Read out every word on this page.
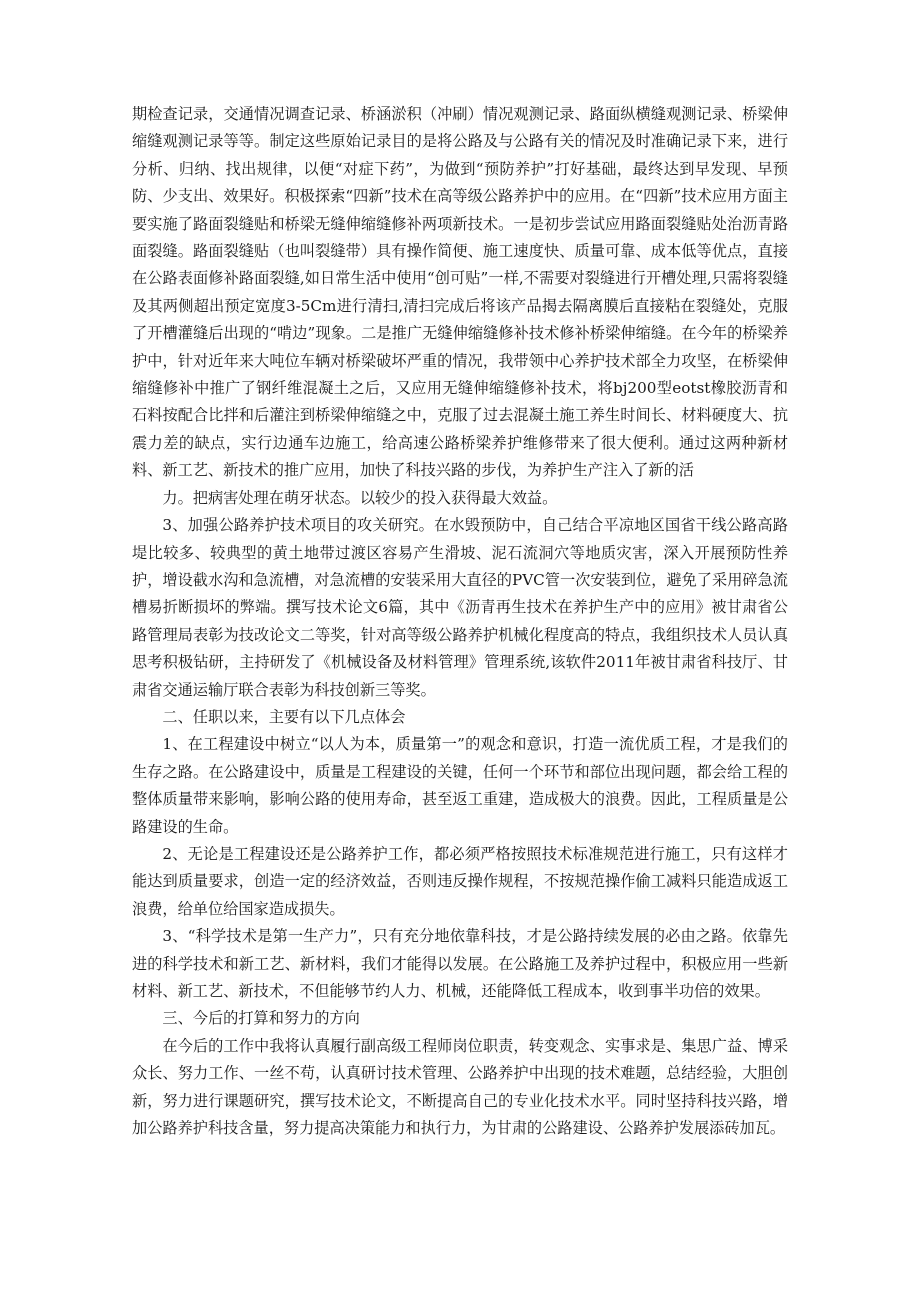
期检查记录，交通情况调查记录、桥涵淤积（冲刷）情况观测记录、路面纵横缝观测记录、桥梁伸缩缝观测记录等等。制定这些原始记录目的是将公路及与公路有关的情况及时准确记录下来，进行分析、归纳、找出规律，以便“对症下药”，为做到“预防养护”打好基础，最终达到早发现、早预防、少支出、效果好。积极探索“四新”技术在高等级公路养护中的应用。在“四新”技术应用方面主要实施了路面裂缝贴和桥梁无缝伸缩缝修补两项新技术。一是初步尝试应用路面裂缝贴处治沥青路面裂缝。路面裂缝贴（也叫裂缝带）具有操作简便、施工速度快、质量可靠、成本低等优点，直接在公路表面修补路面裂缝,如日常生活中使用“创可贴”一样,不需要对裂缝进行开槽处理,只需将裂缝及其两侧超出预定宽度3-5Cm进行清扫,清扫完成后将该产品揭去隔离膜后直接粘在裂缝处，克服了开槽灌缝后出现的“啃边”现象。二是推广无缝伸缩缝修补技术修补桥梁伸缩缝。在今年的桥梁养护中，针对近年来大吨位车辆对桥梁破坏严重的情况，我带领中心养护技术部全力攻坚，在桥梁伸缩缝修补中推广了钢纤维混凝土之后，又应用无缝伸缩缝修补技术，将bj200型eotst橡胶沥青和石料按配合比拌和后灌注到桥梁伸缩缝之中，克服了过去混凝土施工养生时间长、材料硬度大、抗震力差的缺点，实行边通车边施工，给高速公路桥梁养护维修带来了很大便利。通过这两种新材料、新工艺、新技术的推广应用，加快了科技兴路的步伐，为养护生产注入了新的活

力。把病害处理在萌牙状态。以较少的投入获得最大效益。

3、加强公路养护技术项目的攻关研究。在水毁预防中，自己结合平凉地区国省干线公路高路堤比较多、较典型的黄土地带过渡区容易产生滑坡、泥石流洞穴等地质灾害，深入开展预防性养护，增设截水沟和急流槽，对急流槽的安装采用大直径的PVC管一次安装到位，避免了采用碎急流槽易折断损坏的弊端。撰写技术论文6篇，其中《沥青再生技术在养护生产中的应用》被甘肃省公路管理局表彰为技改论文二等奖，针对高等级公路养护机械化程度高的特点，我组织技术人员认真思考积极钻研，主持研发了《机械设备及材料管理》管理系统,该软件2011年被甘肃省科技厅、甘肃省交通运输厅联合表彰为科技创新三等奖。

二、任职以来，主要有以下几点体会

1、在工程建设中树立“以人为本，质量第一”的观念和意识，打造一流优质工程，才是我们的生存之路。在公路建设中，质量是工程建设的关键，任何一个环节和部位出现问题，都会给工程的整体质量带来影响，影响公路的使用寿命，甚至返工重建，造成极大的浪费。因此，工程质量是公路建设的生命。

2、无论是工程建设还是公路养护工作，都必须严格按照技术标准规范进行施工，只有这样才能达到质量要求，创造一定的经济效益，否则违反操作规程，不按规范操作偷工减料只能造成返工浪费，给单位给国家造成损失。

3、“科学技术是第一生产力”，只有充分地依靠科技，才是公路持续发展的必由之路。依靠先进的科学技术和新工艺、新材料，我们才能得以发展。在公路施工及养护过程中，积极应用一些新材料、新工艺、新技术，不但能够节约人力、机械，还能降低工程成本，收到事半功倍的效果。

三、今后的打算和努力的方向

在今后的工作中我将认真履行副高级工程师岗位职责，转变观念、实事求是、集思广益、博采众长、努力工作、一丝不苟，认真研讨技术管理、公路养护中出现的技术难题，总结经验，大胆创新，努力进行课题研究，撰写技术论文，不断提高自己的专业化技术水平。同时坚持科技兴路，增加公路养护科技含量，努力提高决策能力和执行力，为甘肃的公路建设、公路养护发展添砖加瓦。
